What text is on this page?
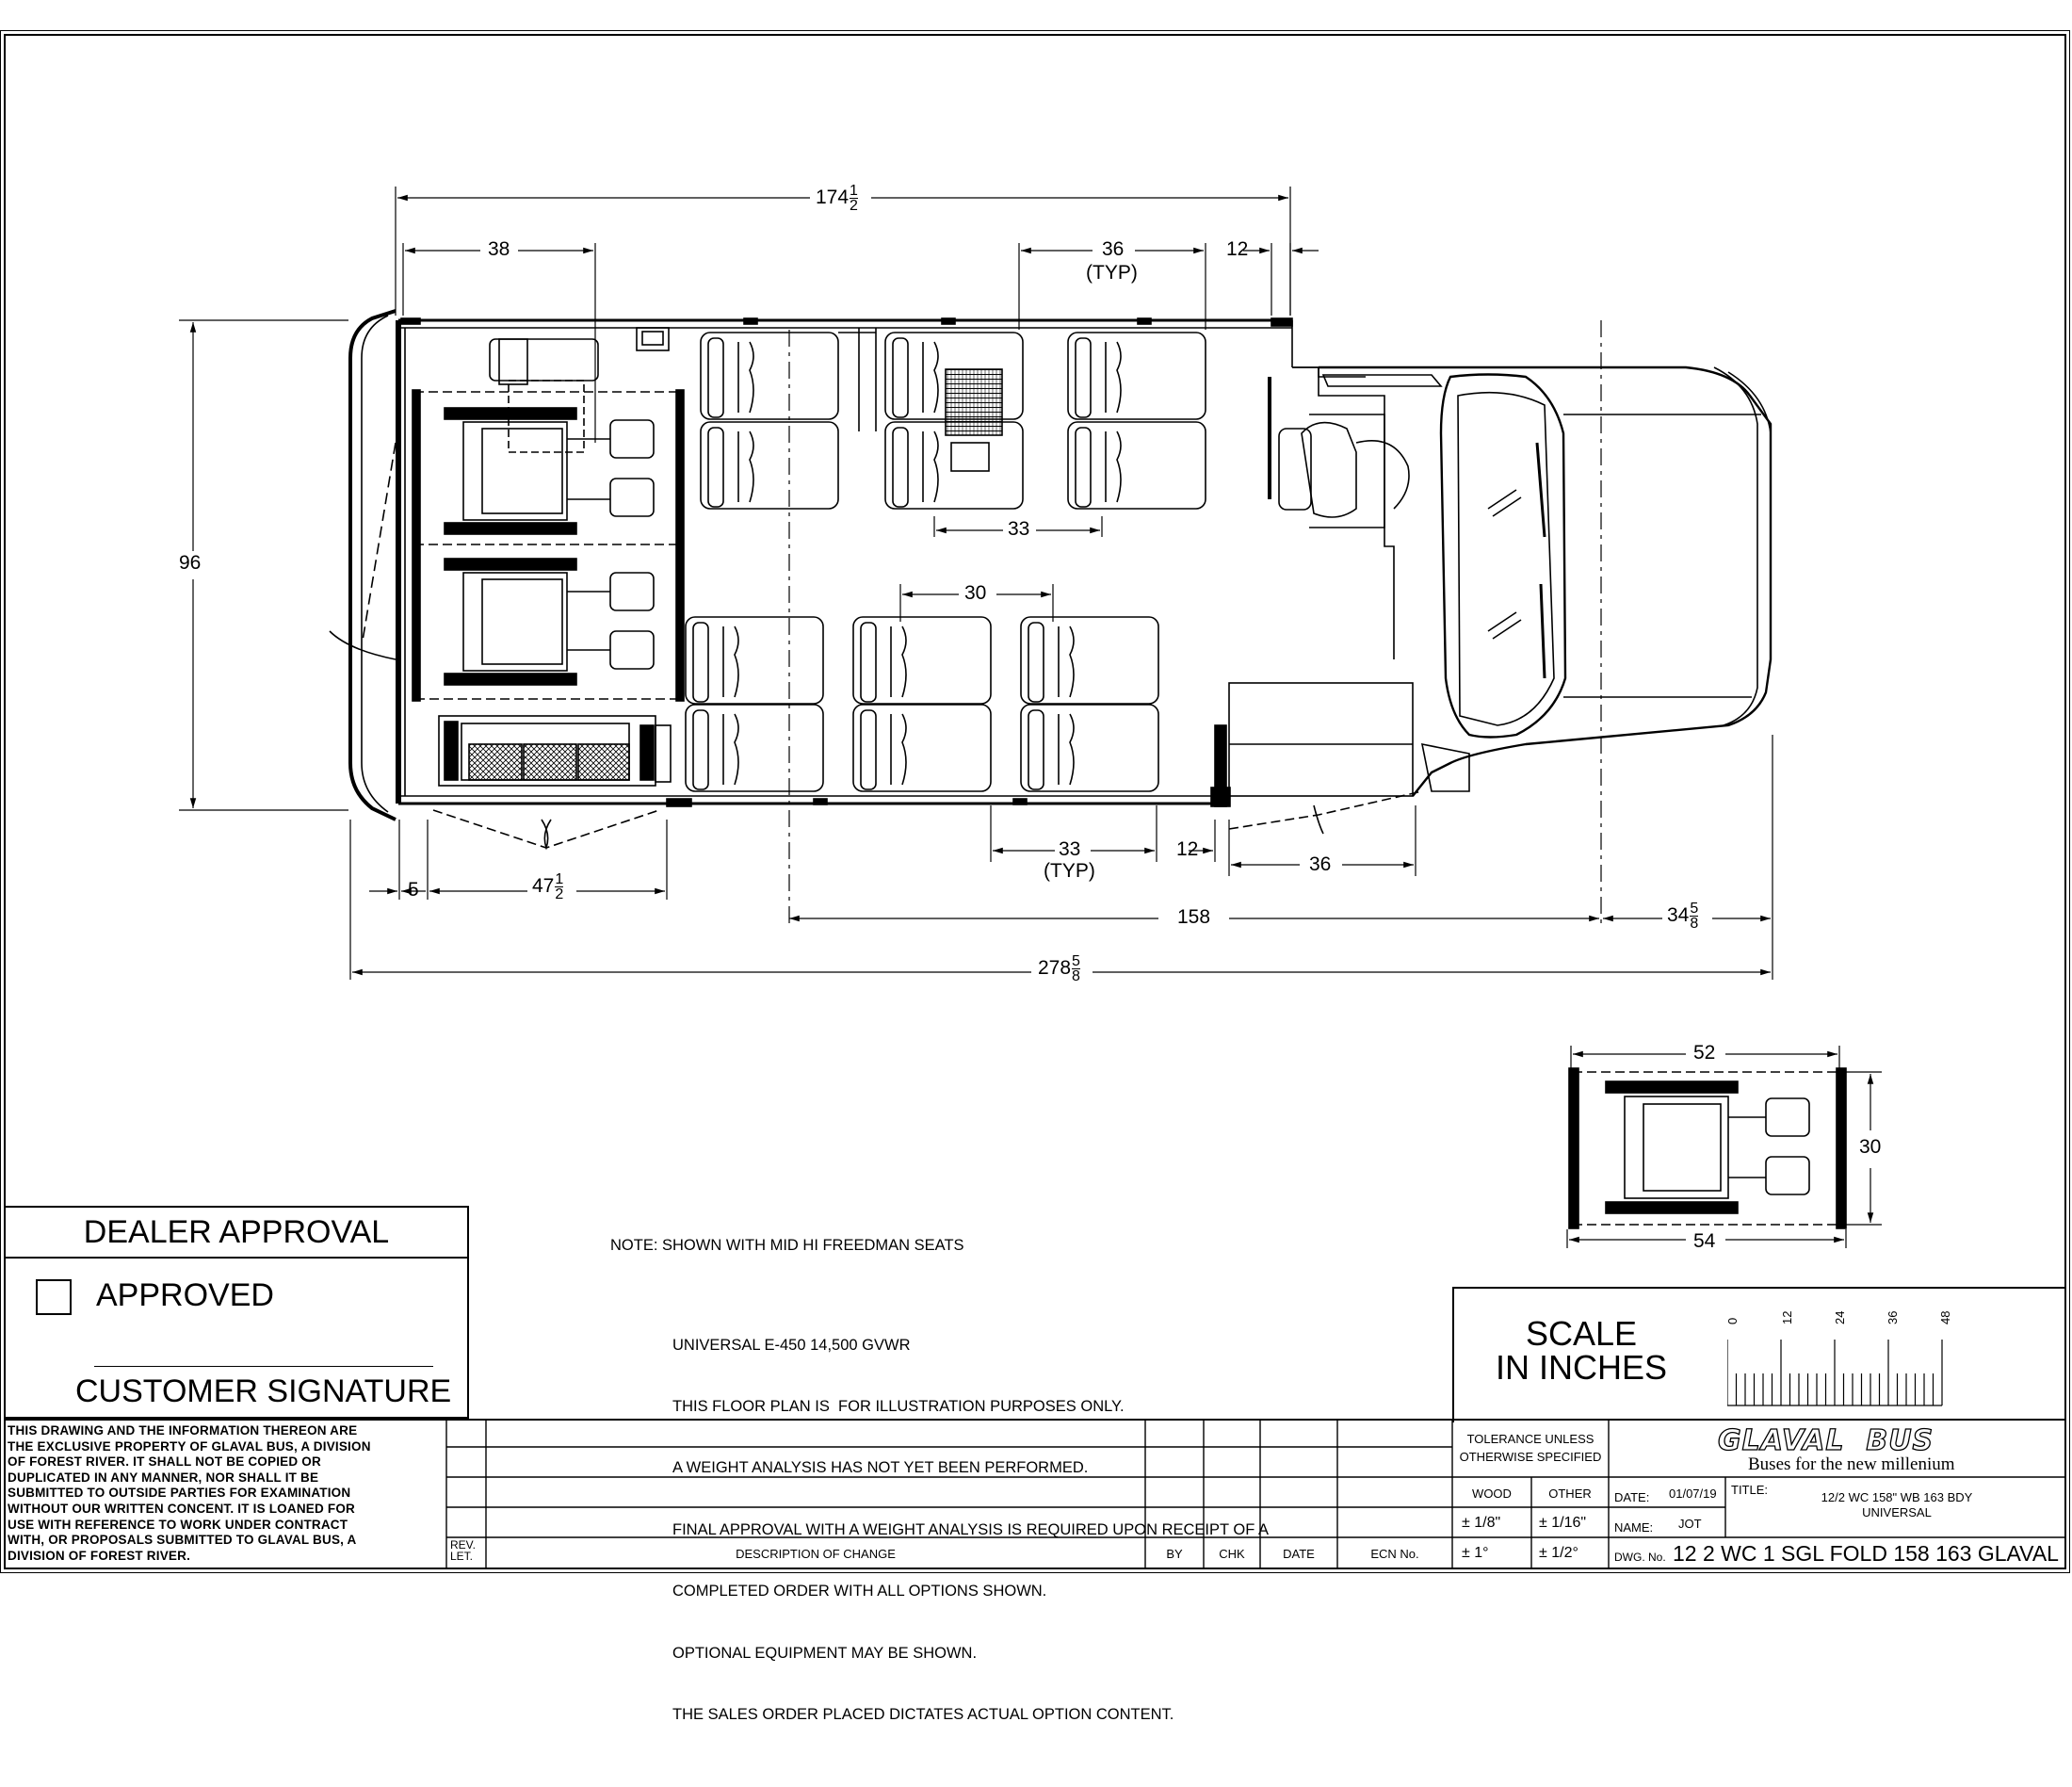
$174\frac{1}{2}$
38	36
(TYP)
12
96
33
30
5	$47\frac{1}{2}$
33
(TYP)
12
36
158	$34\frac{5}{8}$
$278\frac{5}{8}$
52
30
54

NOTE: SHOWN WITH MID HI FREEDMAN SEATS

UNIVERSAL E-450 14,500 GVWR

THIS FLOOR PLAN IS  FOR ILLUSTRATION PURPOSES ONLY.

A WEIGHT ANALYSIS HAS NOT YET BEEN PERFORMED.

FINAL APPROVAL WITH A WEIGHT ANALYSIS IS REQUIRED UPON RECEIPT OF A

COMPLETED ORDER WITH ALL OPTIONS SHOWN.

OPTIONAL EQUIPMENT MAY BE SHOWN.

THE SALES ORDER PLACED DICTATES ACTUAL OPTION CONTENT.

DEALER APPROVAL
APPROVED
CUSTOMER SIGNATURE
SCALE
IN INCHES
0	12	24	36	48
THIS DRAWING AND THE INFORMATION THEREON ARE
THE EXCLUSIVE PROPERTY OF GLAVAL BUS, A DIVISION
OF FOREST RIVER. IT SHALL NOT BE COPIED OR
DUPLICATED IN ANY MANNER, NOR SHALL IT BE
SUBMITTED TO OUTSIDE PARTIES FOR EXAMINATION
WITHOUT OUR WRITTEN CONCENT. IT IS LOANED FOR
USE WITH REFERENCE TO WORK UNDER CONTRACT
WITH, OR PROPOSALS SUBMITTED TO GLAVAL BUS, A
DIVISION OF FOREST RIVER.
REV.
LET.	DESCRIPTION OF CHANGE	BY	CHK	DATE	ECN No.
TOLERANCE UNLESS
OTHERWISE SPECIFIED
WOOD	OTHER
± 1/8"	± 1/16"
± 1°	± 1/2°
GLAVAL  BUS
Buses for the new millenium
DATE: 01/07/19
NAME: JOT
TITLE:
12/2 WC 158" WB 163 BDY
UNIVERSAL
DWG. No. 12 2 WC 1 SGL FOLD 158 163 GLAVAL
